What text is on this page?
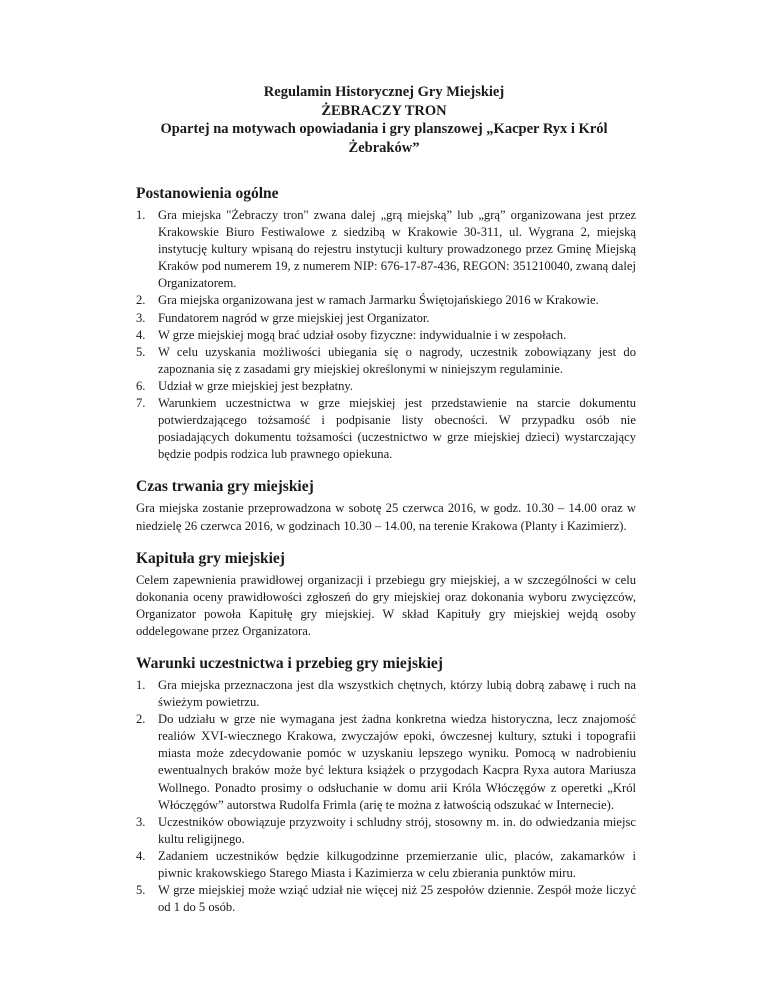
Regulamin Historycznej Gry Miejskiej
ŻEBRACZY TRON
Opartej na motywach opowiadania i gry planszowej „Kacper Ryx i Król
Żebraków”
Postanowienia ogólne
1. Gra miejska "Żebraczy tron" zwana dalej „grą miejską” lub „grą” organizowana jest przez Krakowskie Biuro Festiwalowe z siedzibą w Krakowie 30-311, ul. Wygrana 2, miejską instytucję kultury wpisaną do rejestru instytucji kultury prowadzonego przez Gminę Miejską Kraków pod numerem 19, z numerem NIP: 676-17-87-436, REGON: 351210040, zwaną dalej Organizatorem.
2. Gra miejska organizowana jest w ramach Jarmarku Świętojańskiego 2016 w Krakowie.
3. Fundatorem nagród w grze miejskiej jest Organizator.
4. W grze miejskiej mogą brać udział osoby fizyczne: indywidualnie i w zespołach.
5. W celu uzyskania możliwości ubiegania się o nagrody, uczestnik zobowiązany jest do zapoznania się z zasadami gry miejskiej określonymi w niniejszym regulaminie.
6. Udział w grze miejskiej jest bezpłatny.
7. Warunkiem uczestnictwa w grze miejskiej jest przedstawienie na starcie dokumentu potwierdzającego tożsamość i podpisanie listy obecności. W przypadku osób nie posiadających dokumentu tożsamości (uczestnictwo w grze miejskiej dzieci) wystarczający będzie podpis rodzica lub prawnego opiekuna.
Czas trwania gry miejskiej

Gra miejska zostanie przeprowadzona w sobotę 25 czerwca 2016, w godz. 10.30 – 14.00 oraz w niedzielę 26 czerwca 2016, w godzinach 10.30 – 14.00, na terenie Krakowa (Planty i Kazimierz).

Kapituła gry miejskiej

Celem zapewnienia prawidłowej organizacji i przebiegu gry miejskiej, a w szczególności w celu dokonania oceny prawidłowości zgłoszeń do gry miejskiej oraz dokonania wyboru zwycięzców, Organizator powoła Kapitułę gry miejskiej. W skład Kapituły gry miejskiej wejdą osoby oddelegowane przez Organizatora.

Warunki uczestnictwa i przebieg gry miejskiej
1. Gra miejska przeznaczona jest dla wszystkich chętnych, którzy lubią dobrą zabawę i ruch na świeżym powietrzu.
2. Do udziału w grze nie wymagana jest żadna konkretna wiedza historyczna, lecz znajomość realiów XVI-wiecznego Krakowa, zwyczajów epoki, ówczesnej kultury, sztuki i topografii miasta może zdecydowanie pomóc w uzyskaniu lepszego wyniku. Pomocą w nadrobieniu ewentualnych braków może być lektura książek o przygodach Kacpra Ryxa autora Mariusza Wollnego. Ponadto prosimy o odsłuchanie w domu arii Króla Włóczęgów z operetki „Król Włóczęgów” autorstwa Rudolfa Frimla (arię te można z łatwością odszukać w Internecie).
3. Uczestników obowiązuje przyzwoity i schludny strój, stosowny m. in. do odwiedzania miejsc kultu religijnego.
4. Zadaniem uczestników będzie kilkugodzinne przemierzanie ulic, placów, zakamarków i piwnic krakowskiego Starego Miasta i Kazimierza w celu zbierania punktów miru.
5. W grze miejskiej może wziąć udział nie więcej niż 25 zespołów dziennie. Zespół może liczyć od 1 do 5 osób.
